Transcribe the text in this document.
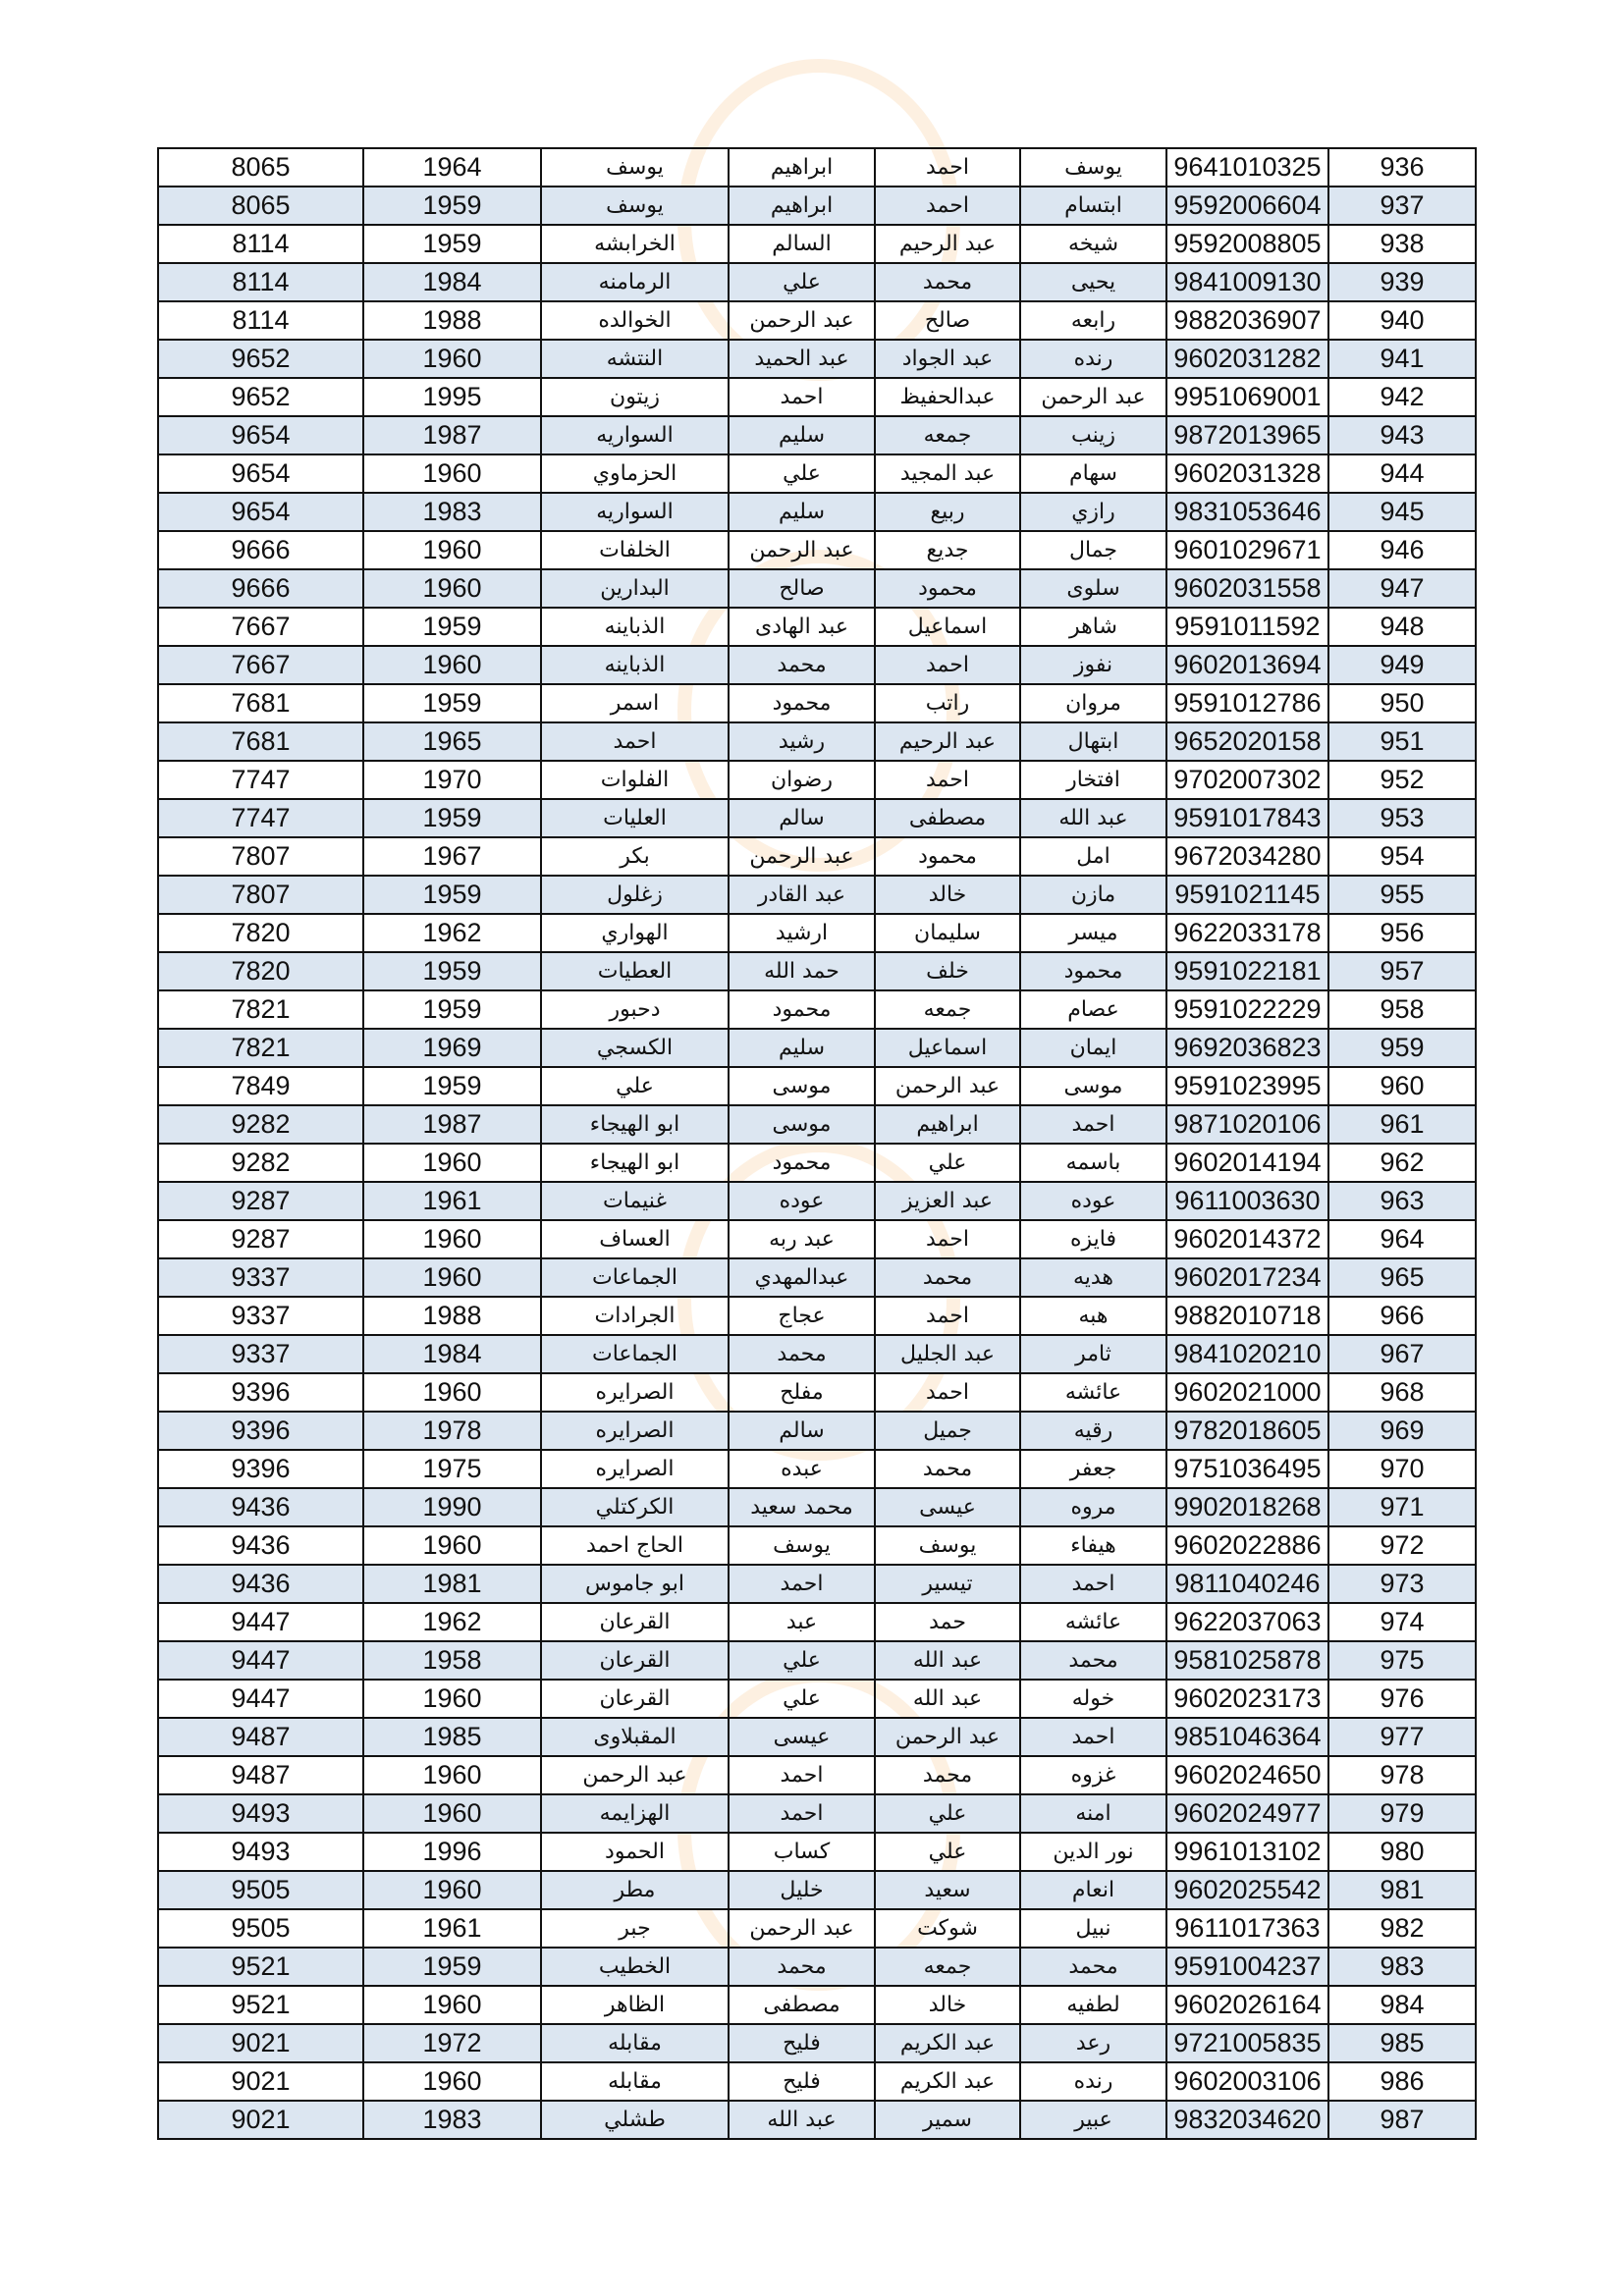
8065	1964	يوسف	ابراهيم	احمد	يوسف	9641010325	936
8065	1959	يوسف	ابراهيم	احمد	ابتسام	9592006604	937
8114	1959	الخرابشه	السالم	عبد الرحيم	شيخه	9592008805	938
8114	1984	الرمامنه	علي	محمد	يحيى	9841009130	939
8114	1988	الخوالده	عبد الرحمن	صالح	رابعه	9882036907	940
9652	1960	النتشه	عبد الحميد	عبد الجواد	رنده	9602031282	941
9652	1995	زيتون	احمد	عبدالحفيظ	عبد الرحمن	9951069001	942
9654	1987	السواريه	سليم	جمعه	زينب	9872013965	943
9654	1960	الحزماوي	علي	عبد المجيد	سهام	9602031328	944
9654	1983	السواريه	سليم	ربيع	رازي	9831053646	945
9666	1960	الخلفات	عبد الرحمن	جديع	جمال	9601029671	946
9666	1960	البدارين	صالح	محمود	سلوى	9602031558	947
7667	1959	الذباينه	عبد الهادى	اسماعيل	شاهر	9591011592	948
7667	1960	الذباينه	محمد	احمد	نفوز	9602013694	949
7681	1959	اسمر	محمود	راتب	مروان	9591012786	950
7681	1965	احمد	رشيد	عبد الرحيم	ابتهال	9652020158	951
7747	1970	الفلوات	رضوان	احمد	افتخار	9702007302	952
7747	1959	العليات	سالم	مصطفى	عبد الله	9591017843	953
7807	1967	بكر	عبد الرحمن	محمود	امل	9672034280	954
7807	1959	زغلول	عبد القادر	خالد	مازن	9591021145	955
7820	1962	الهواري	ارشيد	سليمان	ميسر	9622033178	956
7820	1959	العطيات	حمد الله	خلف	محمود	9591022181	957
7821	1959	دحبور	محمود	جمعه	عصام	9591022229	958
7821	1969	الكسجي	سليم	اسماعيل	ايمان	9692036823	959
7849	1959	علي	موسى	عبد الرحمن	موسى	9591023995	960
9282	1987	ابو الهيجاء	موسى	ابراهيم	احمد	9871020106	961
9282	1960	ابو الهيجاء	محمود	علي	باسمه	9602014194	962
9287	1961	غنيمات	عوده	عبد العزيز	عوده	9611003630	963
9287	1960	العساف	عبد ربه	احمد	فايزه	9602014372	964
9337	1960	الجماعات	عبدالمهدي	محمد	هديه	9602017234	965
9337	1988	الجرادات	عجاج	احمد	هبه	9882010718	966
9337	1984	الجماعات	محمد	عبد الجليل	ثامر	9841020210	967
9396	1960	الصرايره	مفلح	احمد	عائشه	9602021000	968
9396	1978	الصرايره	سالم	جميل	رقيه	9782018605	969
9396	1975	الصرايره	عبده	محمد	جعفر	9751036495	970
9436	1990	الكركتلي	محمد سعيد	عيسى	مروه	9902018268	971
9436	1960	الحاج احمد	يوسف	يوسف	هيفاء	9602022886	972
9436	1981	ابو جاموس	احمد	تيسير	احمد	9811040246	973
9447	1962	القرعان	عبد	حمد	عائشه	9622037063	974
9447	1958	القرعان	علي	عبد الله	محمد	9581025878	975
9447	1960	القرعان	علي	عبد الله	خوله	9602023173	976
9487	1985	المقبلاوى	عيسى	عبد الرحمن	احمد	9851046364	977
9487	1960	عبد الرحمن	احمد	محمد	غزوه	9602024650	978
9493	1960	الهزايمه	احمد	علي	امنه	9602024977	979
9493	1996	الحمود	كساب	علي	نور الدين	9961013102	980
9505	1960	مطر	خليل	سعيد	انعام	9602025542	981
9505	1961	جبر	عبد الرحمن	شوكت	نبيل	9611017363	982
9521	1959	الخطيب	محمد	جمعه	محمد	9591004237	983
9521	1960	الظاهر	مصطفى	خالد	لطفيه	9602026164	984
9021	1972	مقابله	فليح	عبد الكريم	رعد	9721005835	985
9021	1960	مقابله	فليح	عبد الكريم	رنده	9602003106	986
9021	1983	طشلي	عبد الله	سمير	عبير	9832034620	987
